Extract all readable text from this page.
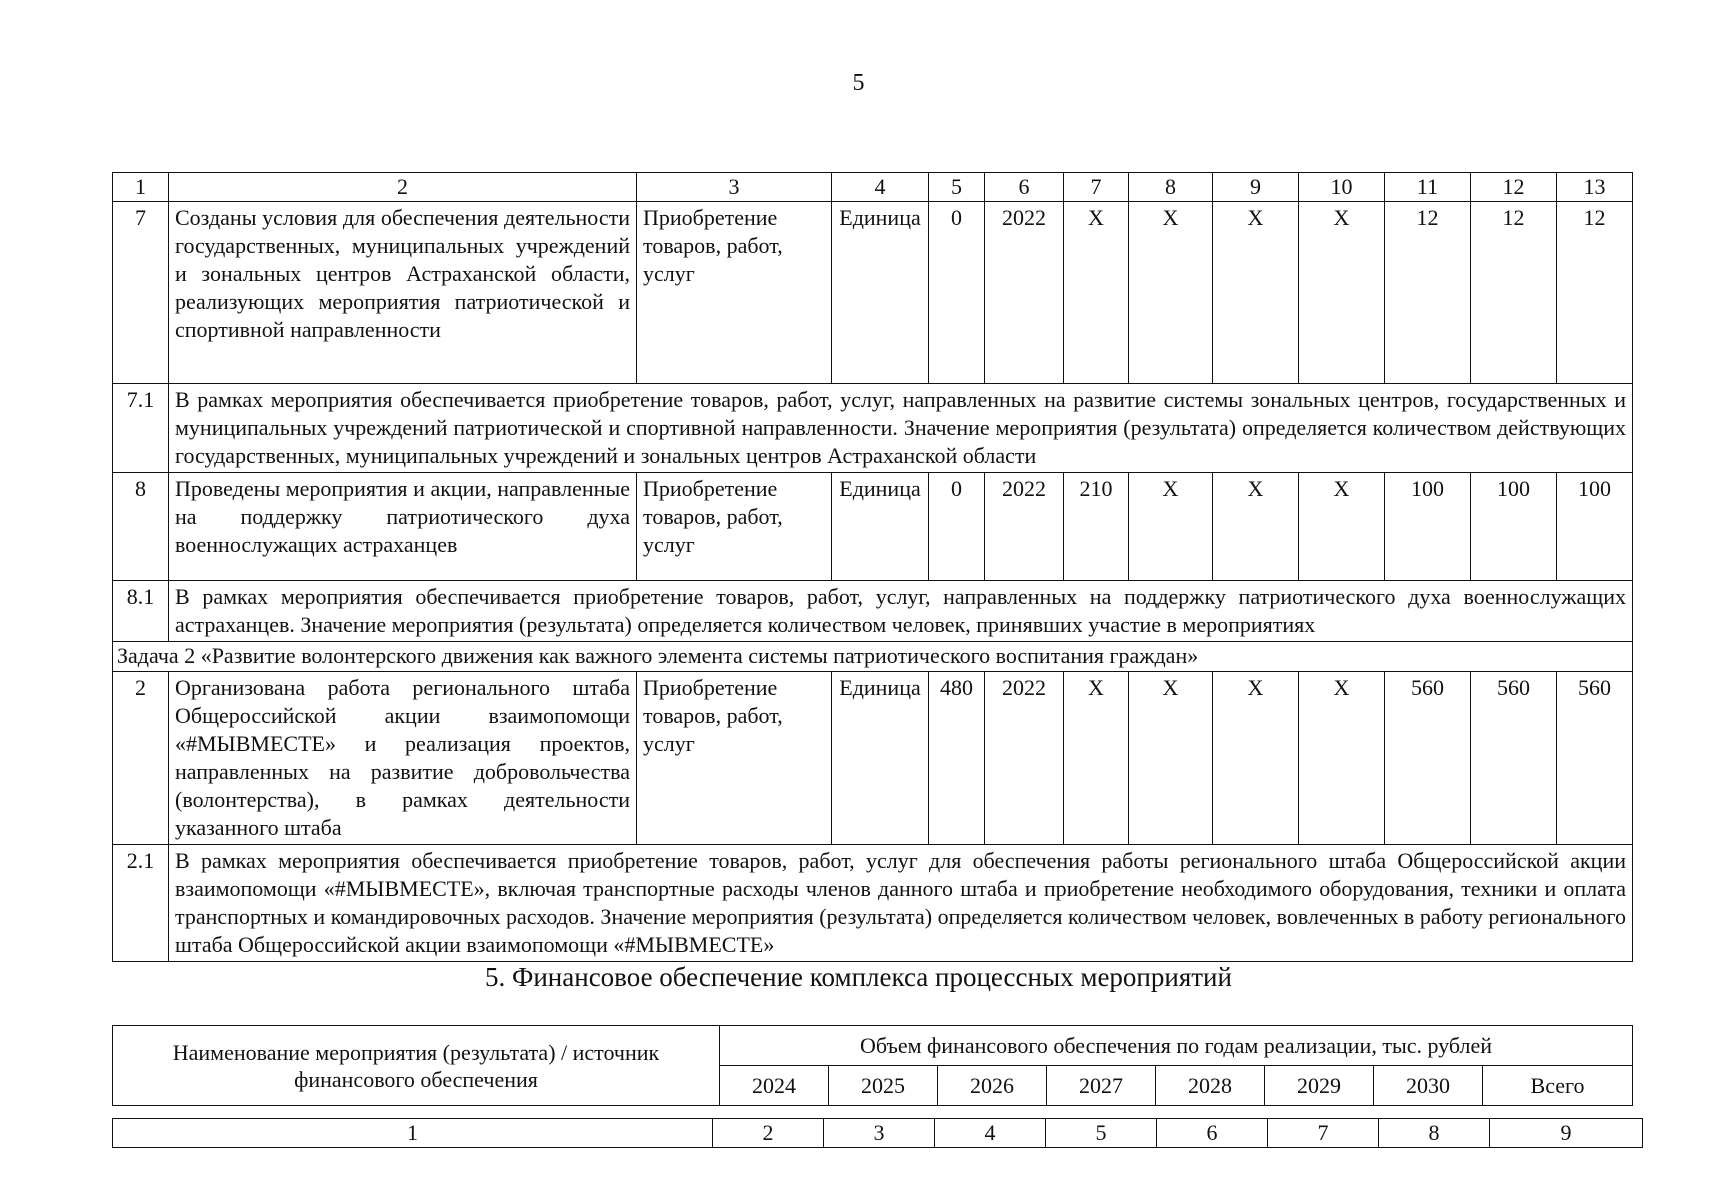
5
1	2	3	4	5	6	7	8	9	10	11	12	13
7	Созданы условия для обеспечения деятельности государственных, муниципальных учреждений и зональных центров Астраханской области, реализующих мероприятия патриотической и спортивной направленности	Приобретение товаров, работ, услуг	Единица	0	2022	X	X	X	X	12	12	12
7.1	В рамках мероприятия обеспечивается приобретение товаров, работ, услуг, направленных на развитие системы зональных центров, государственных и муниципальных учреждений патриотической и спортивной направленности. Значение мероприятия (результата) определяется количеством действующих государственных, муниципальных учреждений и зональных центров Астраханской области											
8	Проведены мероприятия и акции, направленные на поддержку патриотического духа военнослужащих астраханцев	Приобретение товаров, работ, услуг	Единица	0	2022	210	X	X	X	100	100	100
8.1	В рамках мероприятия обеспечивается приобретение товаров, работ, услуг, направленных на поддержку патриотического духа военнослужащих астраханцев. Значение мероприятия (результата) определяется количеством человек, принявших участие в мероприятиях											
Задача 2 «Развитие волонтерского движения как важного элемента системы патриотического воспитания граждан»												
2	Организована работа регионального штаба Общероссийской акции взаимопомощи «#МЫВМЕСТЕ» и реализация проектов, направленных на развитие добровольчества (волонтерства), в рамках деятельности указанного штаба	Приобретение товаров, работ, услуг	Единица	480	2022	X	X	X	X	560	560	560
2.1	В рамках мероприятия обеспечивается приобретение товаров, работ, услуг для обеспечения работы регионального штаба Общероссийской акции взаимопомощи «#МЫВМЕСТЕ», включая транспортные расходы членов данного штаба и приобретение необходимого оборудования, техники и оплата транспортных и командировочных расходов. Значение мероприятия (результата) определяется количеством человек, вовлеченных в работу регионального штаба Общероссийской акции взаимопомощи «#МЫВМЕСТЕ»											
5. Финансовое обеспечение комплекса процессных мероприятий
Наименование мероприятия (результата) / источник финансового обеспечения	Объем финансового обеспечения по годам реализации, тыс. рублей							
	2024	2025	2026	2027	2028	2029	2030	Всего
1	2	3	4	5	6	7	8	9
